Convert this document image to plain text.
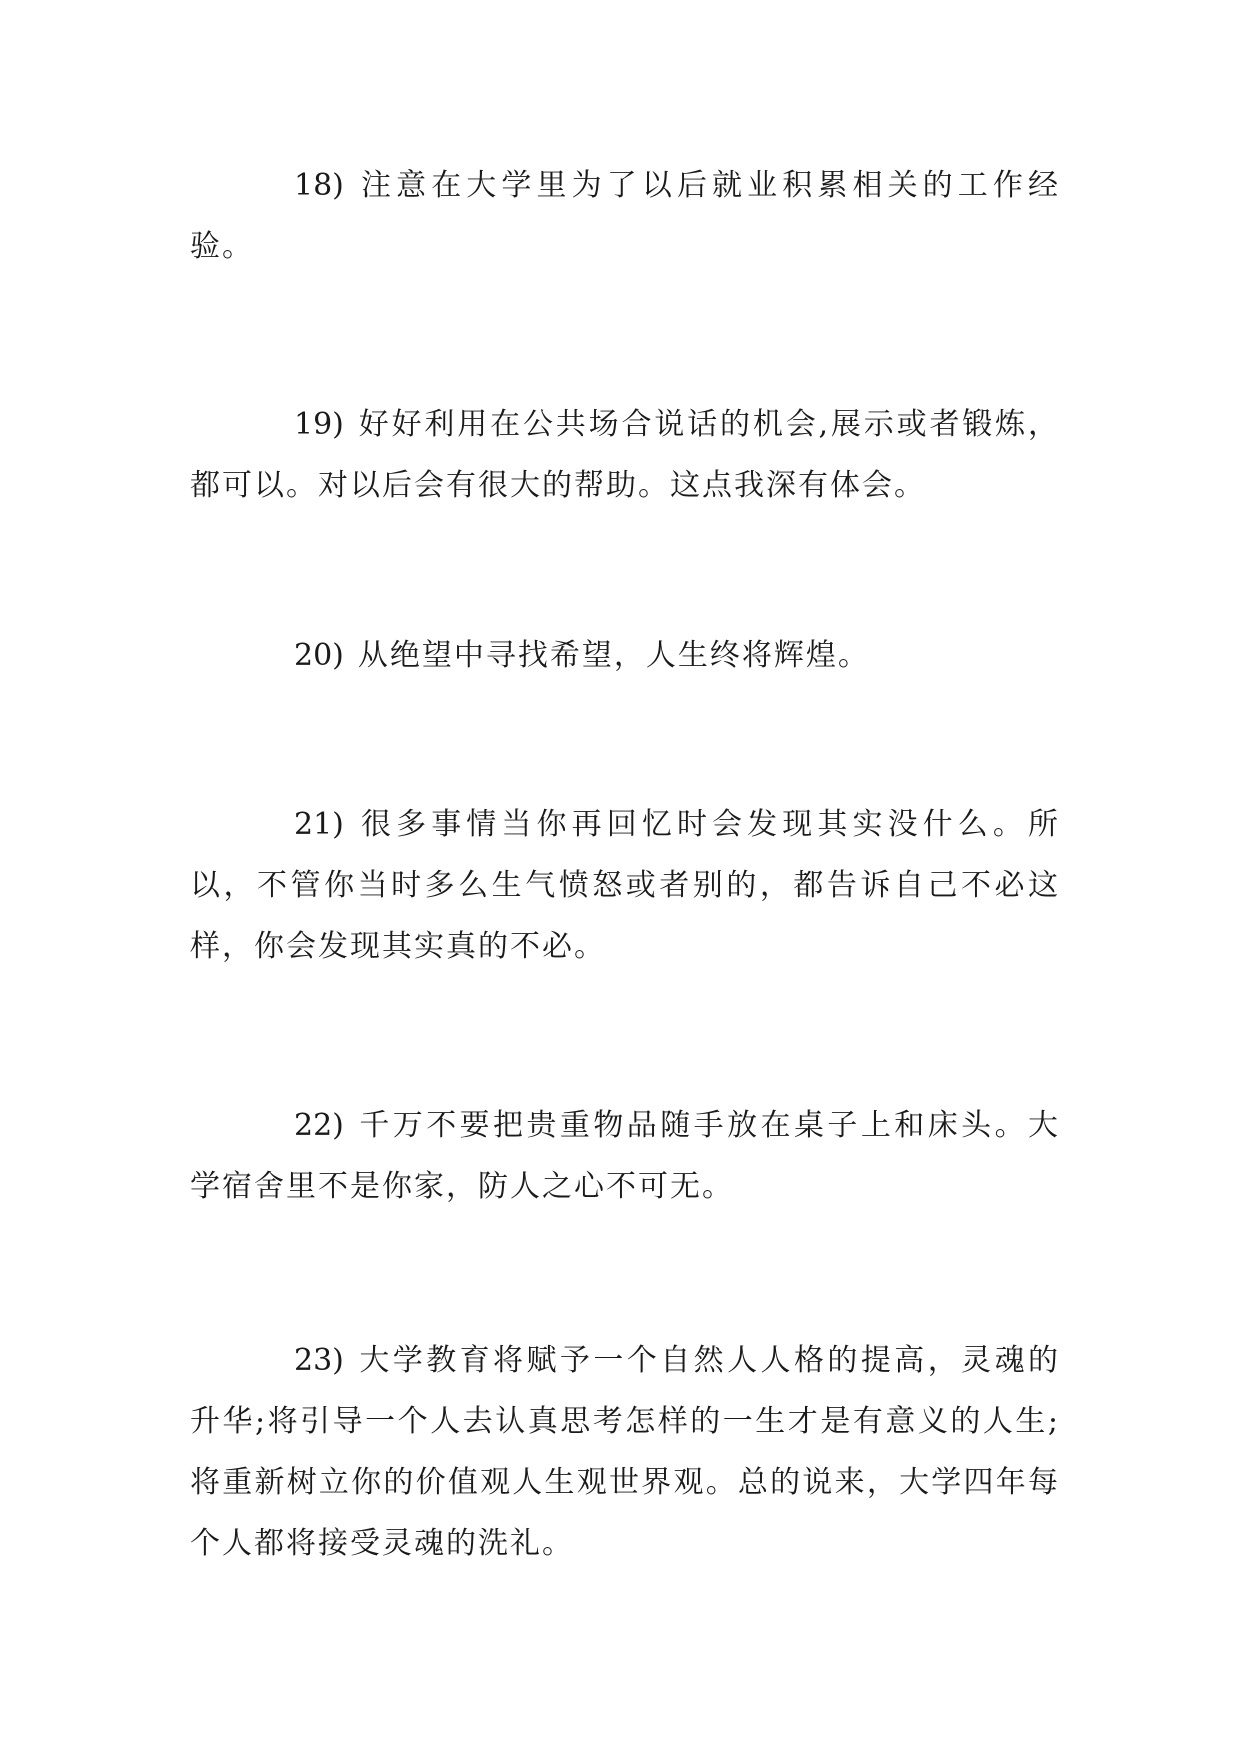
18) 注意在大学里为了以后就业积累相关的工作经验。

19) 好好利用在公共场合说话的机会,展示或者锻炼，都可以。对以后会有很大的帮助。这点我深有体会。

20) 从绝望中寻找希望，人生终将辉煌。

21) 很多事情当你再回忆时会发现其实没什么。所以，不管你当时多么生气愤怒或者别的，都告诉自己不必这样，你会发现其实真的不必。

22) 千万不要把贵重物品随手放在桌子上和床头。大学宿舍里不是你家，防人之心不可无。

23) 大学教育将赋予一个自然人人格的提高，灵魂的升华;将引导一个人去认真思考怎样的一生才是有意义的人生;将重新树立你的价值观人生观世界观。总的说来，大学四年每个人都将接受灵魂的洗礼。
